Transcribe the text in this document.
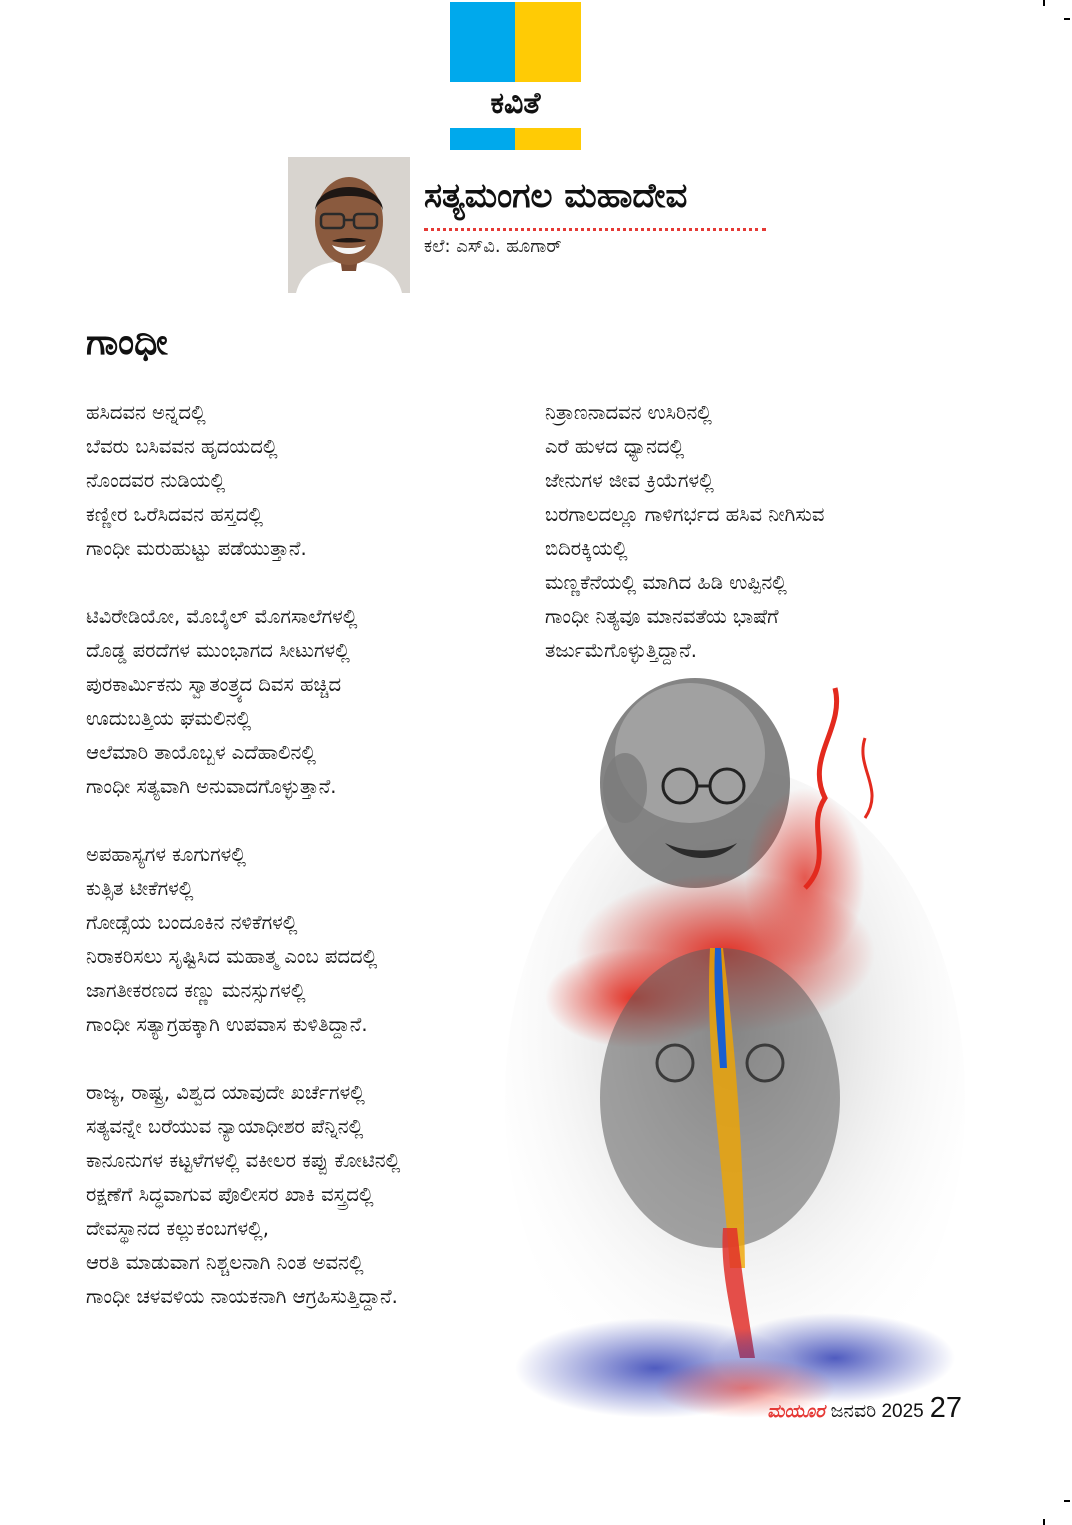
ಕವಿತೆ
ಸತ್ಯಮಂಗಲ ಮಹಾದೇವ
ಕಲೆ: ಎಸ್‌ವಿ. ಹೂಗಾರ್
ಗಾಂಧೀ
ಹಸಿದವನ ಅನ್ನದಲ್ಲಿ
ಬೆವರು ಬಸಿವವನ ಹೃದಯದಲ್ಲಿ
ನೊಂದವರ ನುಡಿಯಲ್ಲಿ
ಕಣ್ಣೀರ ಒರೆಸಿದವನ ಹಸ್ತದಲ್ಲಿ
ಗಾಂಧೀ ಮರುಹುಟ್ಟು ಪಡೆಯುತ್ತಾನೆ.
ಟಿವಿರೇಡಿಯೋ, ಮೊಬೈಲ್ ಮೊಗಸಾಲೆಗಳಲ್ಲಿ
ದೊಡ್ಡ ಪರದೆಗಳ ಮುಂಭಾಗದ ಸೀಟುಗಳಲ್ಲಿ
ಪುರಕಾರ್ಮಿಕನು ಸ್ವಾತಂತ್ರ್ಯದ ದಿವಸ ಹಚ್ಚಿದ
ಊದುಬತ್ತಿಯ ಘಮಲಿನಲ್ಲಿ
ಆಲೆಮಾರಿ ತಾಯೊಬ್ಬಳ ಎದೆಹಾಲಿನಲ್ಲಿ
ಗಾಂಧೀ ಸತ್ಯವಾಗಿ ಅನುವಾದಗೊಳ್ಳುತ್ತಾನೆ.
ಅಪಹಾಸ್ಯಗಳ ಕೂಗುಗಳಲ್ಲಿ
ಕುತ್ಸಿತ ಟೀಕೆಗಳಲ್ಲಿ
ಗೋಡ್ಸೆಯ ಬಂದೂಕಿನ ನಳಿಕೆಗಳಲ್ಲಿ
ನಿರಾಕರಿಸಲು ಸೃಷ್ಟಿಸಿದ ಮಹಾತ್ಮ ಎಂಬ ಪದದಲ್ಲಿ
ಜಾಗತೀಕರಣದ ಕಣ್ಣು ಮನಸ್ಸುಗಳಲ್ಲಿ
ಗಾಂಧೀ ಸತ್ಯಾಗ್ರಹಕ್ಕಾಗಿ ಉಪವಾಸ ಕುಳಿತಿದ್ದಾನೆ.
ರಾಜ್ಯ, ರಾಷ್ಟ್ರ, ವಿಶ್ವದ ಯಾವುದೇ ಖರ್ಚೆಗಳಲ್ಲಿ
ಸತ್ಯವನ್ನೇ ಬರೆಯುವ ನ್ಯಾಯಾಧೀಶರ ಪೆನ್ನಿನಲ್ಲಿ
ಕಾನೂನುಗಳ ಕಟ್ಟಳೆಗಳಲ್ಲಿ ವಕೀಲರ ಕಪ್ಪು ಕೋಟಿನಲ್ಲಿ
ರಕ್ಷಣೆಗೆ ಸಿದ್ಧವಾಗುವ ಪೊಲೀಸರ ಖಾಕಿ ವಸ್ತ್ರದಲ್ಲಿ
ದೇವಸ್ಥಾನದ ಕಲ್ಲುಕಂಬಗಳಲ್ಲಿ,
ಆರತಿ ಮಾಡುವಾಗ ನಿಶ್ಚಲನಾಗಿ ನಿಂತ ಅವನಲ್ಲಿ
ಗಾಂಧೀ ಚಳವಳಿಯ ನಾಯಕನಾಗಿ ಆಗ್ರಹಿಸುತ್ತಿದ್ದಾನೆ.
ನಿತ್ರಾಣನಾದವನ ಉಸಿರಿನಲ್ಲಿ
ಎರೆ ಹುಳದ ಧ್ಯಾನದಲ್ಲಿ
ಜೇನುಗಳ ಜೀವ ಕ್ರಿಯೆಗಳಲ್ಲಿ
ಬರಗಾಲದಲ್ಲೂ ಗಾಳಿಗರ್ಭದ ಹಸಿವ ನೀಗಿಸುವ
ಬಿದಿರಕ್ಕಿಯಲ್ಲಿ
ಮಣ್ಣಕೆನೆಯಲ್ಲಿ ಮಾಗಿದ ಹಿಡಿ ಉಪ್ಪಿನಲ್ಲಿ
ಗಾಂಧೀ ನಿತ್ಯವೂ ಮಾನವತೆಯ ಭಾಷೆಗೆ
ತರ್ಜುಮೆಗೊಳ್ಳುತ್ತಿದ್ದಾನೆ.
ಮಯೂರ ಜನವರಿ 2025 27
